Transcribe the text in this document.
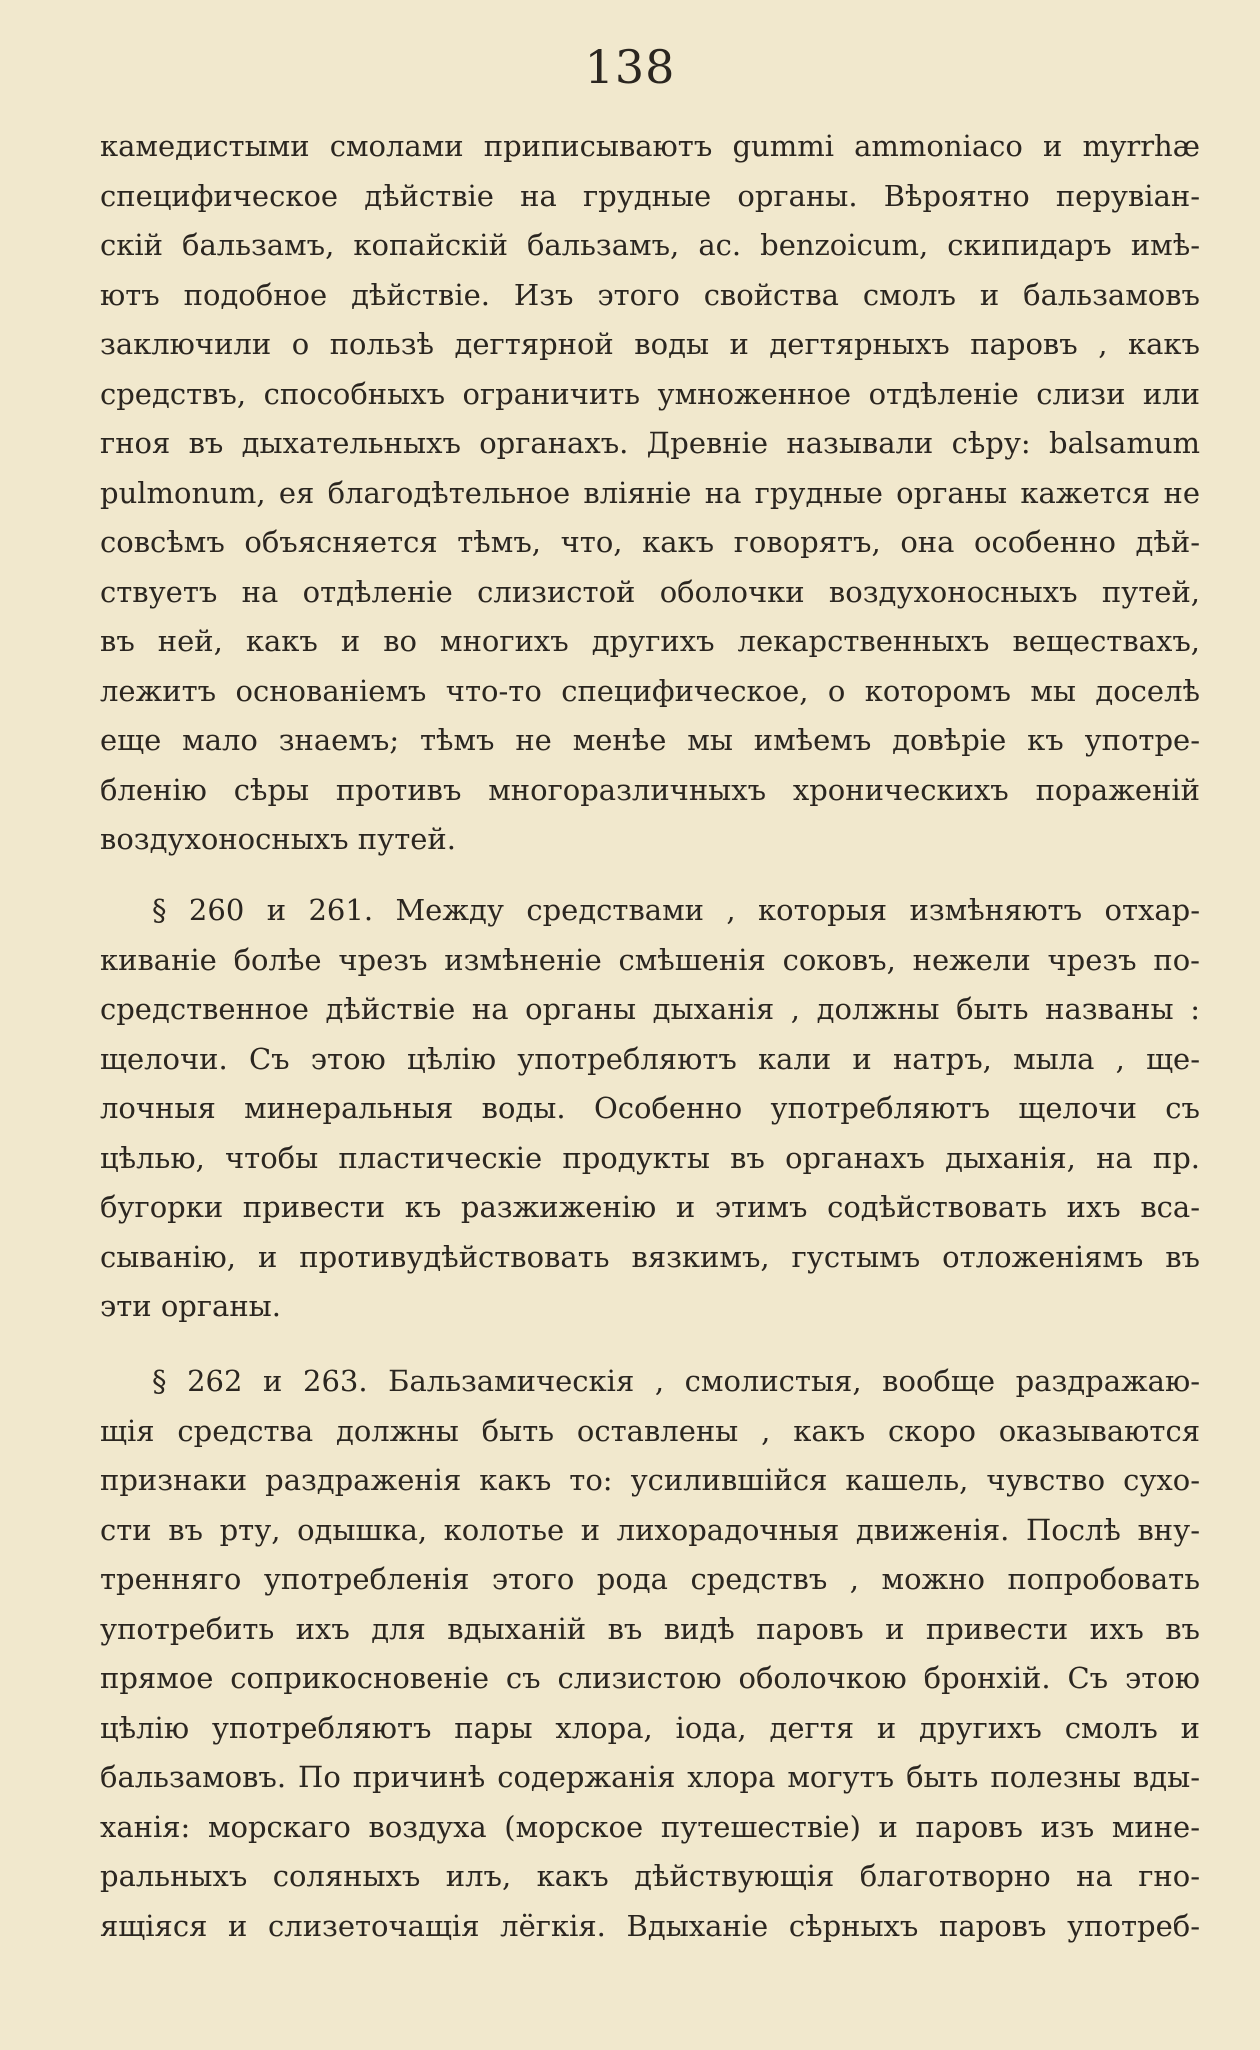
138
камедистыми смолами приписываютъ gummi ammoniaco и myrrhæ
специфическое дѣйствіе на грудные органы. Вѣроятно перувіан-
скій бальзамъ, копайскій бальзамъ, ac. benzoicum, скипидаръ имѣ-
ютъ подобное дѣйствіе. Изъ этого свойства смолъ и бальзамовъ
заключили о пользѣ дегтярной воды и дегтярныхъ паровъ , какъ
средствъ, способныхъ ограничить умноженное отдѣленіе слизи или
гноя въ дыхательныхъ органахъ. Древніе называли сѣру: balsamum
pulmonum, ея благодѣтельное вліяніе на грудные органы кажется не
совсѣмъ объясняется тѣмъ, что, какъ говорятъ, она особенно дѣй-
ствуетъ на отдѣленіе слизистой оболочки воздухоносныхъ путей,
въ ней, какъ и во многихъ другихъ лекарственныхъ веществахъ,
лежитъ основаніемъ что-то специфическое, о которомъ мы доселѣ
еще мало знаемъ; тѣмъ не менѣе мы имѣемъ довѣріе къ употре-
бленію сѣры противъ многоразличныхъ хроническихъ пораженій
воздухоносныхъ путей.
§ 260 и 261. Между средствами , которыя измѣняютъ отхар-
киваніе болѣе чрезъ измѣненіе смѣшенія соковъ, нежели чрезъ по-
средственное дѣйствіе на органы дыханія , должны быть названы :
щелочи. Съ этою цѣлію употребляютъ кали и натръ, мыла , ще-
лочныя минеральныя воды. Особенно употребляютъ щелочи съ
цѣлью, чтобы пластическіе продукты въ органахъ дыханія, на пр.
бугорки привести къ разжиженію и этимъ содѣйствовать ихъ вса-
сыванію, и противудѣйствовать вязкимъ, густымъ отложеніямъ въ
эти органы.
§ 262 и 263. Бальзамическія , смолистыя, вообще раздражаю-
щія средства должны быть оставлены , какъ скоро оказываются
признаки раздраженія какъ то: усилившійся кашель, чувство сухо-
сти въ рту, одышка, колотье и лихорадочныя движенія. Послѣ вну-
тренняго употребленія этого рода средствъ , можно попробовать
употребить ихъ для вдыханій въ видѣ паровъ и привести ихъ въ
прямое соприкосновеніе съ слизистою оболочкою бронхій. Съ этою
цѣлію употребляютъ пары хлора, іода, дегтя и другихъ смолъ и
бальзамовъ. По причинѣ содержанія хлора могутъ быть полезны вды-
ханія: морскаго воздуха (морское путешествіе) и паровъ изъ мине-
ральныхъ соляныхъ илъ, какъ дѣйствующія благотворно на гно-
ящіяся и слизеточащія лёгкія. Вдыханіе сѣрныхъ паровъ употреб-
